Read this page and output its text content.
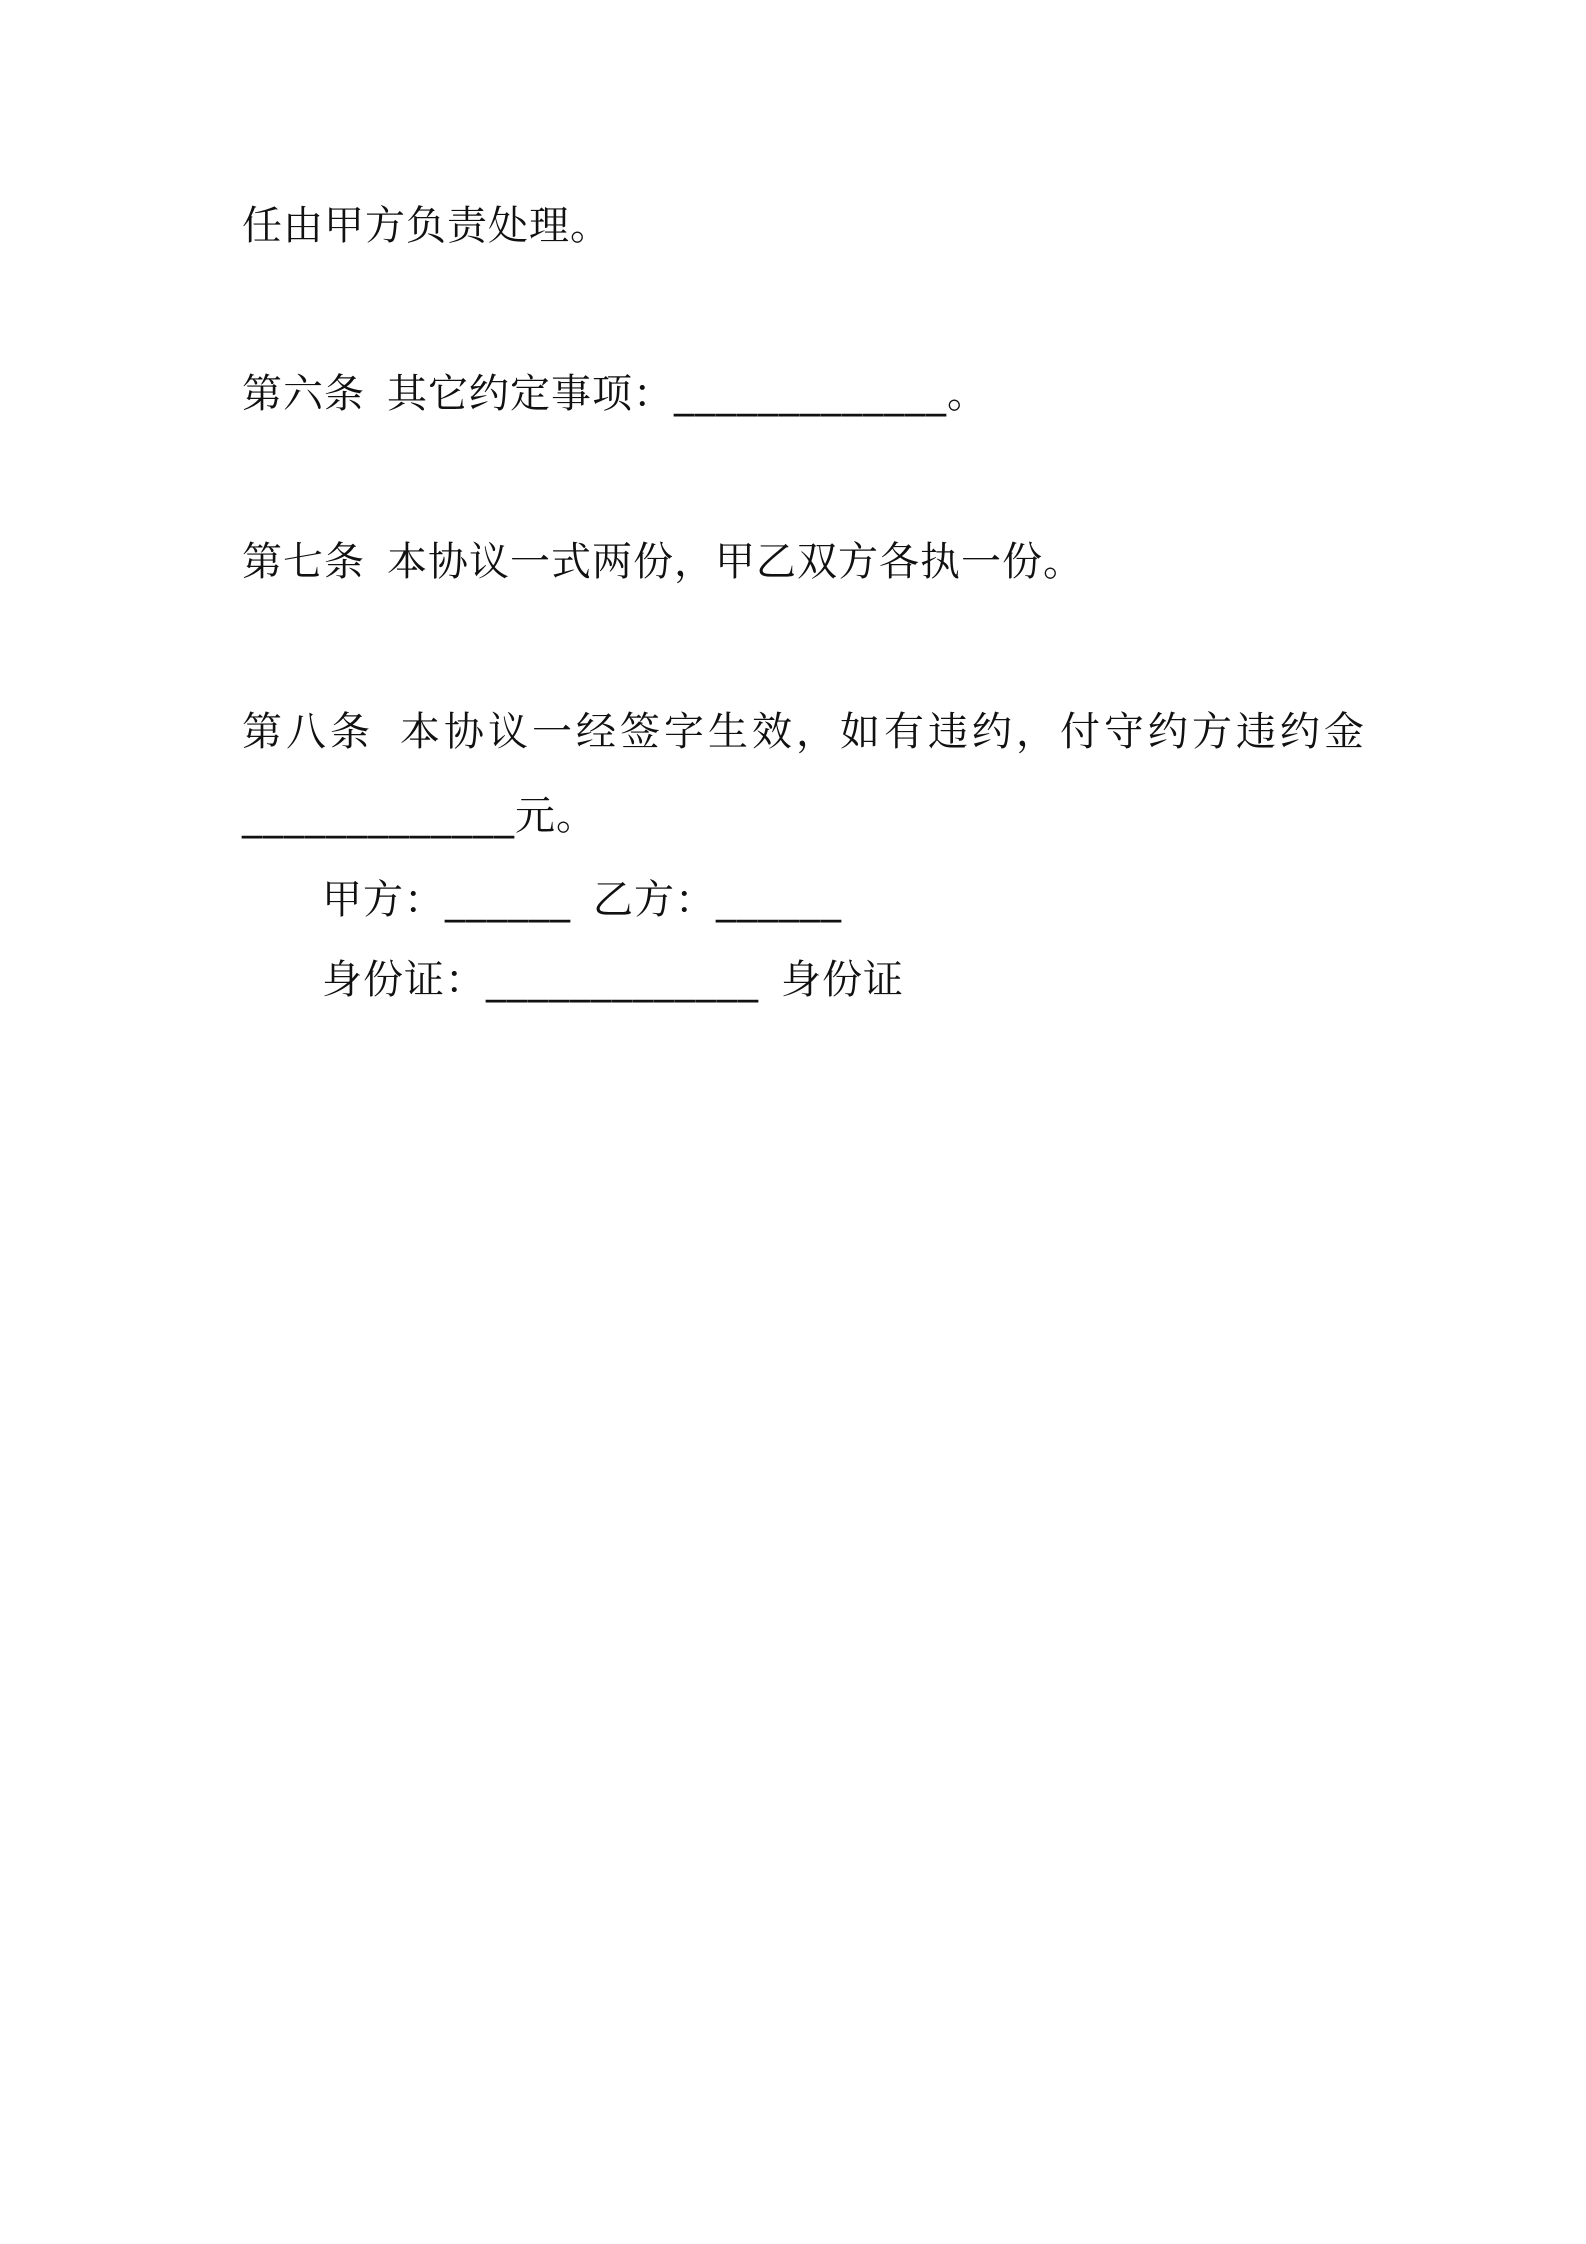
任由甲方负责处理。
第六条 其它约定事项：_____________。
第七条 本协议一式两份，甲乙双方各执一份。
第八条 本协议一经签字生效，如有违约，付守约方违约金
_____________元。
甲方：______ 乙方：______
身份证：_____________ 身份证
